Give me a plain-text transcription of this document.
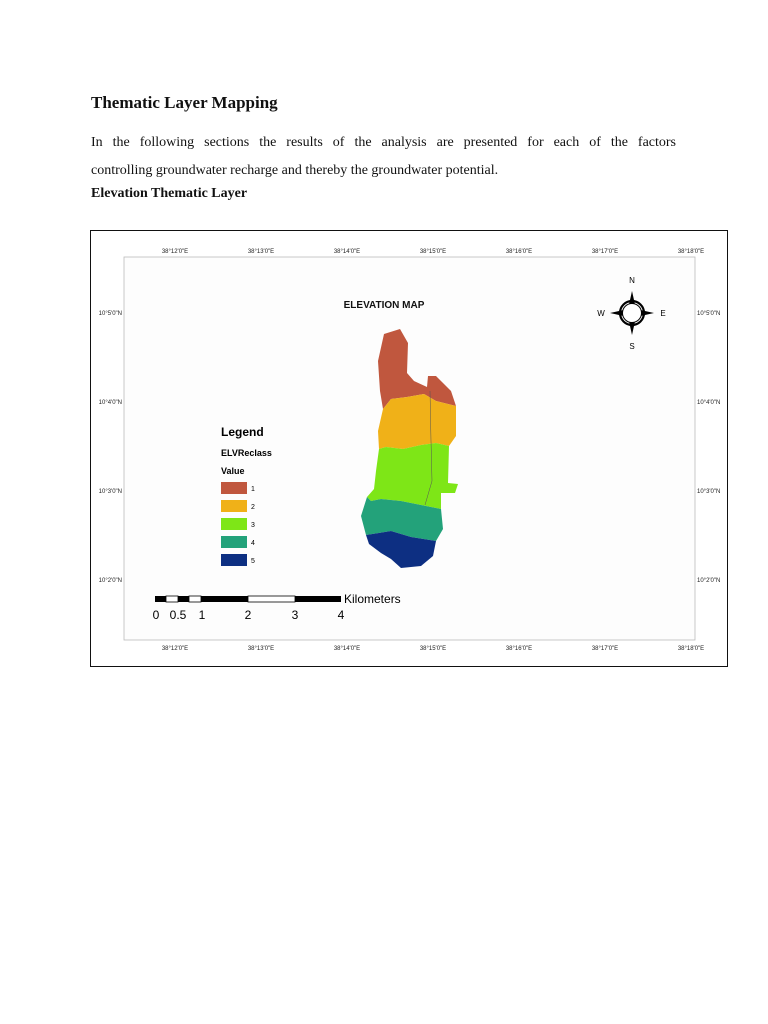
Thematic Layer Mapping

In the following sections the results of the analysis are presented for each of the factors
controlling groundwater recharge and thereby the groundwater potential.

Elevation Thematic Layer
38°12'0"E	38°13'0"E	38°14'0"E	38°15'0"E	38°16'0"E	38°17'0"E	38°18'0"E
38°12'0"E	38°13'0"E	38°14'0"E	38°15'0"E	38°16'0"E	38°17'0"E	38°18'0"E
10°5'0"N
10°4'0"N
10°3'0"N
10°2'0"N
10°5'0"N
10°4'0"N
10°3'0"N
10°2'0"N
ELEVATION MAP
N
S
E
W
Legend
ELVReclass
Value
1
2
3
4
5
0 0.5 1	2	3	4
Kilometers
